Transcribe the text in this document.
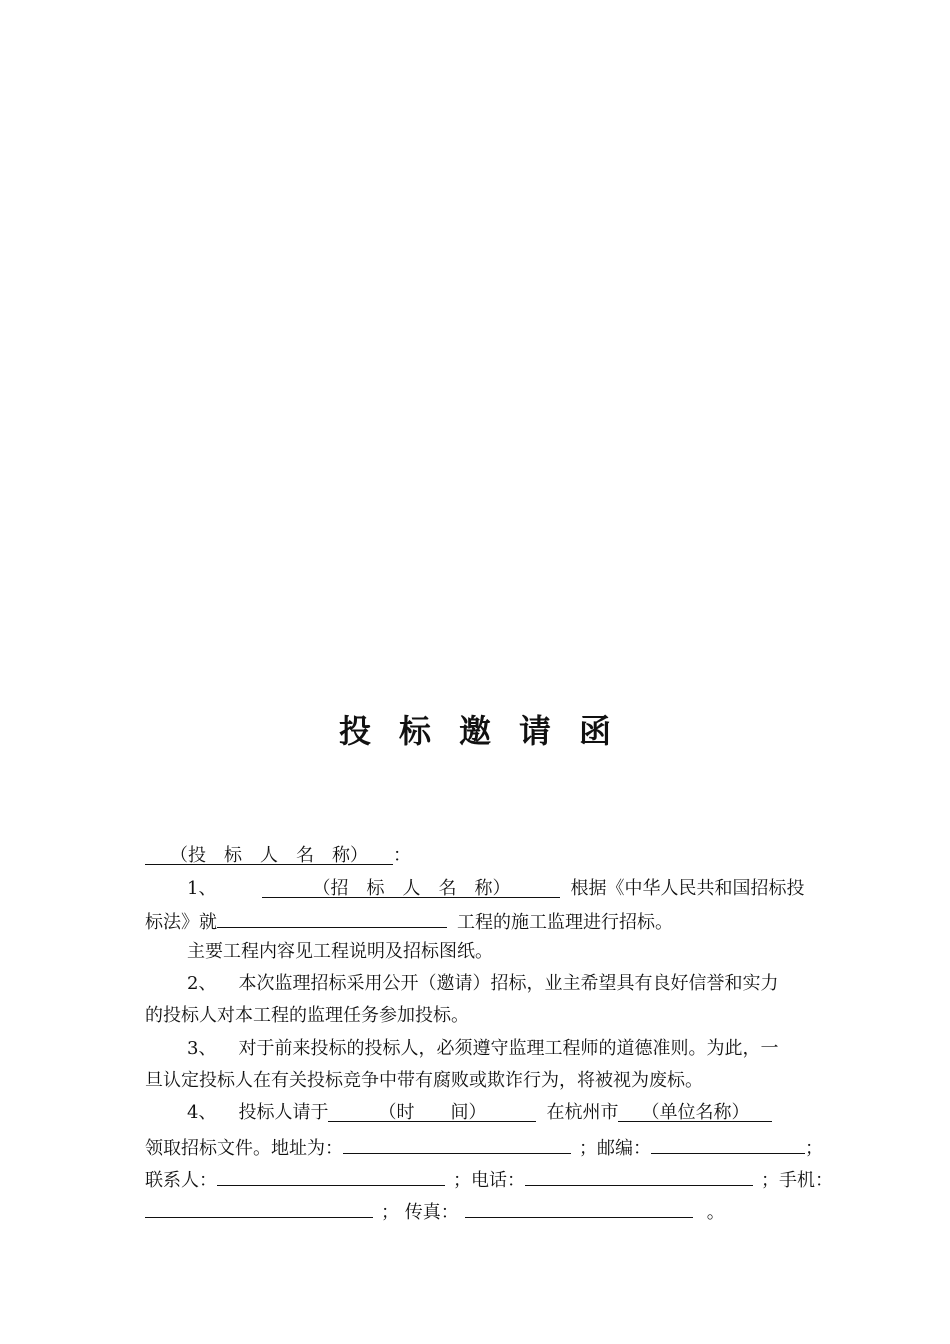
投 标 邀 请 函
（投　标　人　名　称） ：
1、	（招　标　人　名　称）	根据《中华人民共和国招标投
标法》就	工程的施工监理进行招标。
主要工程内容见工程说明及招标图纸。
2、 本次监理招标采用公开（邀请）招标，业主希望具有良好信誉和实力
的投标人对本工程的监理任务参加投标。
3、 对于前来投标的投标人，必须遵守监理工程师的道德准则。为此，一
旦认定投标人在有关投标竞争中带有腐败或欺诈行为，将被视为废标。
4、 投标人请于	（时　　间）	在杭州市 （单位名称）
领取招标文件。地址为：	；邮编：	；
联系人：	；电话：	；手机：
； 传真：	。
